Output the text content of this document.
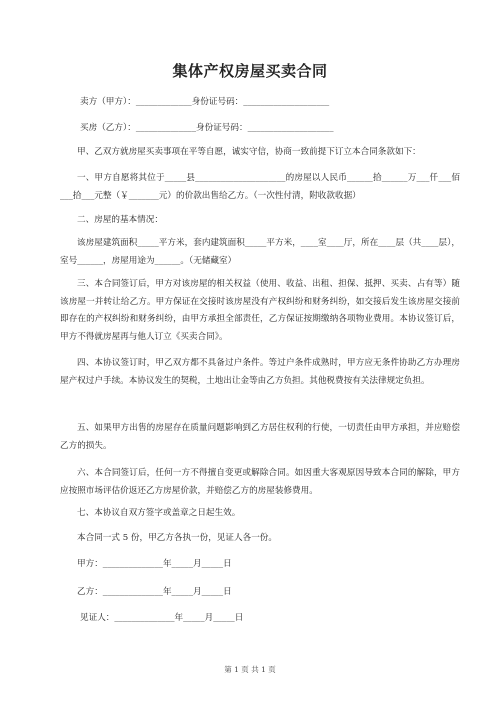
集体产权房屋买卖合同
卖方（甲方）：_____________身份证号码：____________________
买房（乙方）：______________身份证号码：____________________
甲、乙双方就房屋买卖事项在平等自愿，诚实守信，协商一致前提下订立本合同条款如下：
一、甲方自愿将其位于_____县_____________________的房屋以人民币______拾______万___仟___佰___拾___元整（￥_______元）的价款出售给乙方。（一次性付清，附收款收据）
二、房屋的基本情况：
该房屋建筑面积_____平方米，套内建筑面积_____平方米，____室____厅，所在____层（共____层），室号______，房屋用途为______。（无储藏室）
三、本合同签订后，甲方对该房屋的相关权益（使用、收益、出租、担保、抵押、买卖、占有等）随该房屋一并转让给乙方。甲方保证在交接时该房屋没有产权纠纷和财务纠纷，如交接后发生该房屋交接前即存在的产权纠纷和财务纠纷，由甲方承担全部责任，乙方保证按期缴纳各项物业费用。本协议签订后，甲方不得就房屋再与他人订立《买卖合同》。
四、本协议签订时，甲乙双方都不具备过户条件。等过户条件成熟时，甲方应无条件协助乙方办理房屋产权过户手续。本协议发生的契税，土地出让金等由乙方负担。其他税费按有关法律规定负担。
五、如果甲方出售的房屋存在质量问题影响到乙方居住权利的行使，一切责任由甲方承担，并应赔偿乙方的损失。
六、本合同签订后，任何一方不得擅自变更或解除合同。如因重大客观原因导致本合同的解除，甲方应按照市场评估价返还乙方房屋价款，并赔偿乙方的房屋装修费用。
七、本协议自双方签字或盖章之日起生效。
本合同一式 5 份，甲乙方各执一份，见证人各一份。
甲方：______________年_____月_____日
乙方：______________年_____月_____日
见证人：______________年_____月_____日
第 1 页 共 1 页
